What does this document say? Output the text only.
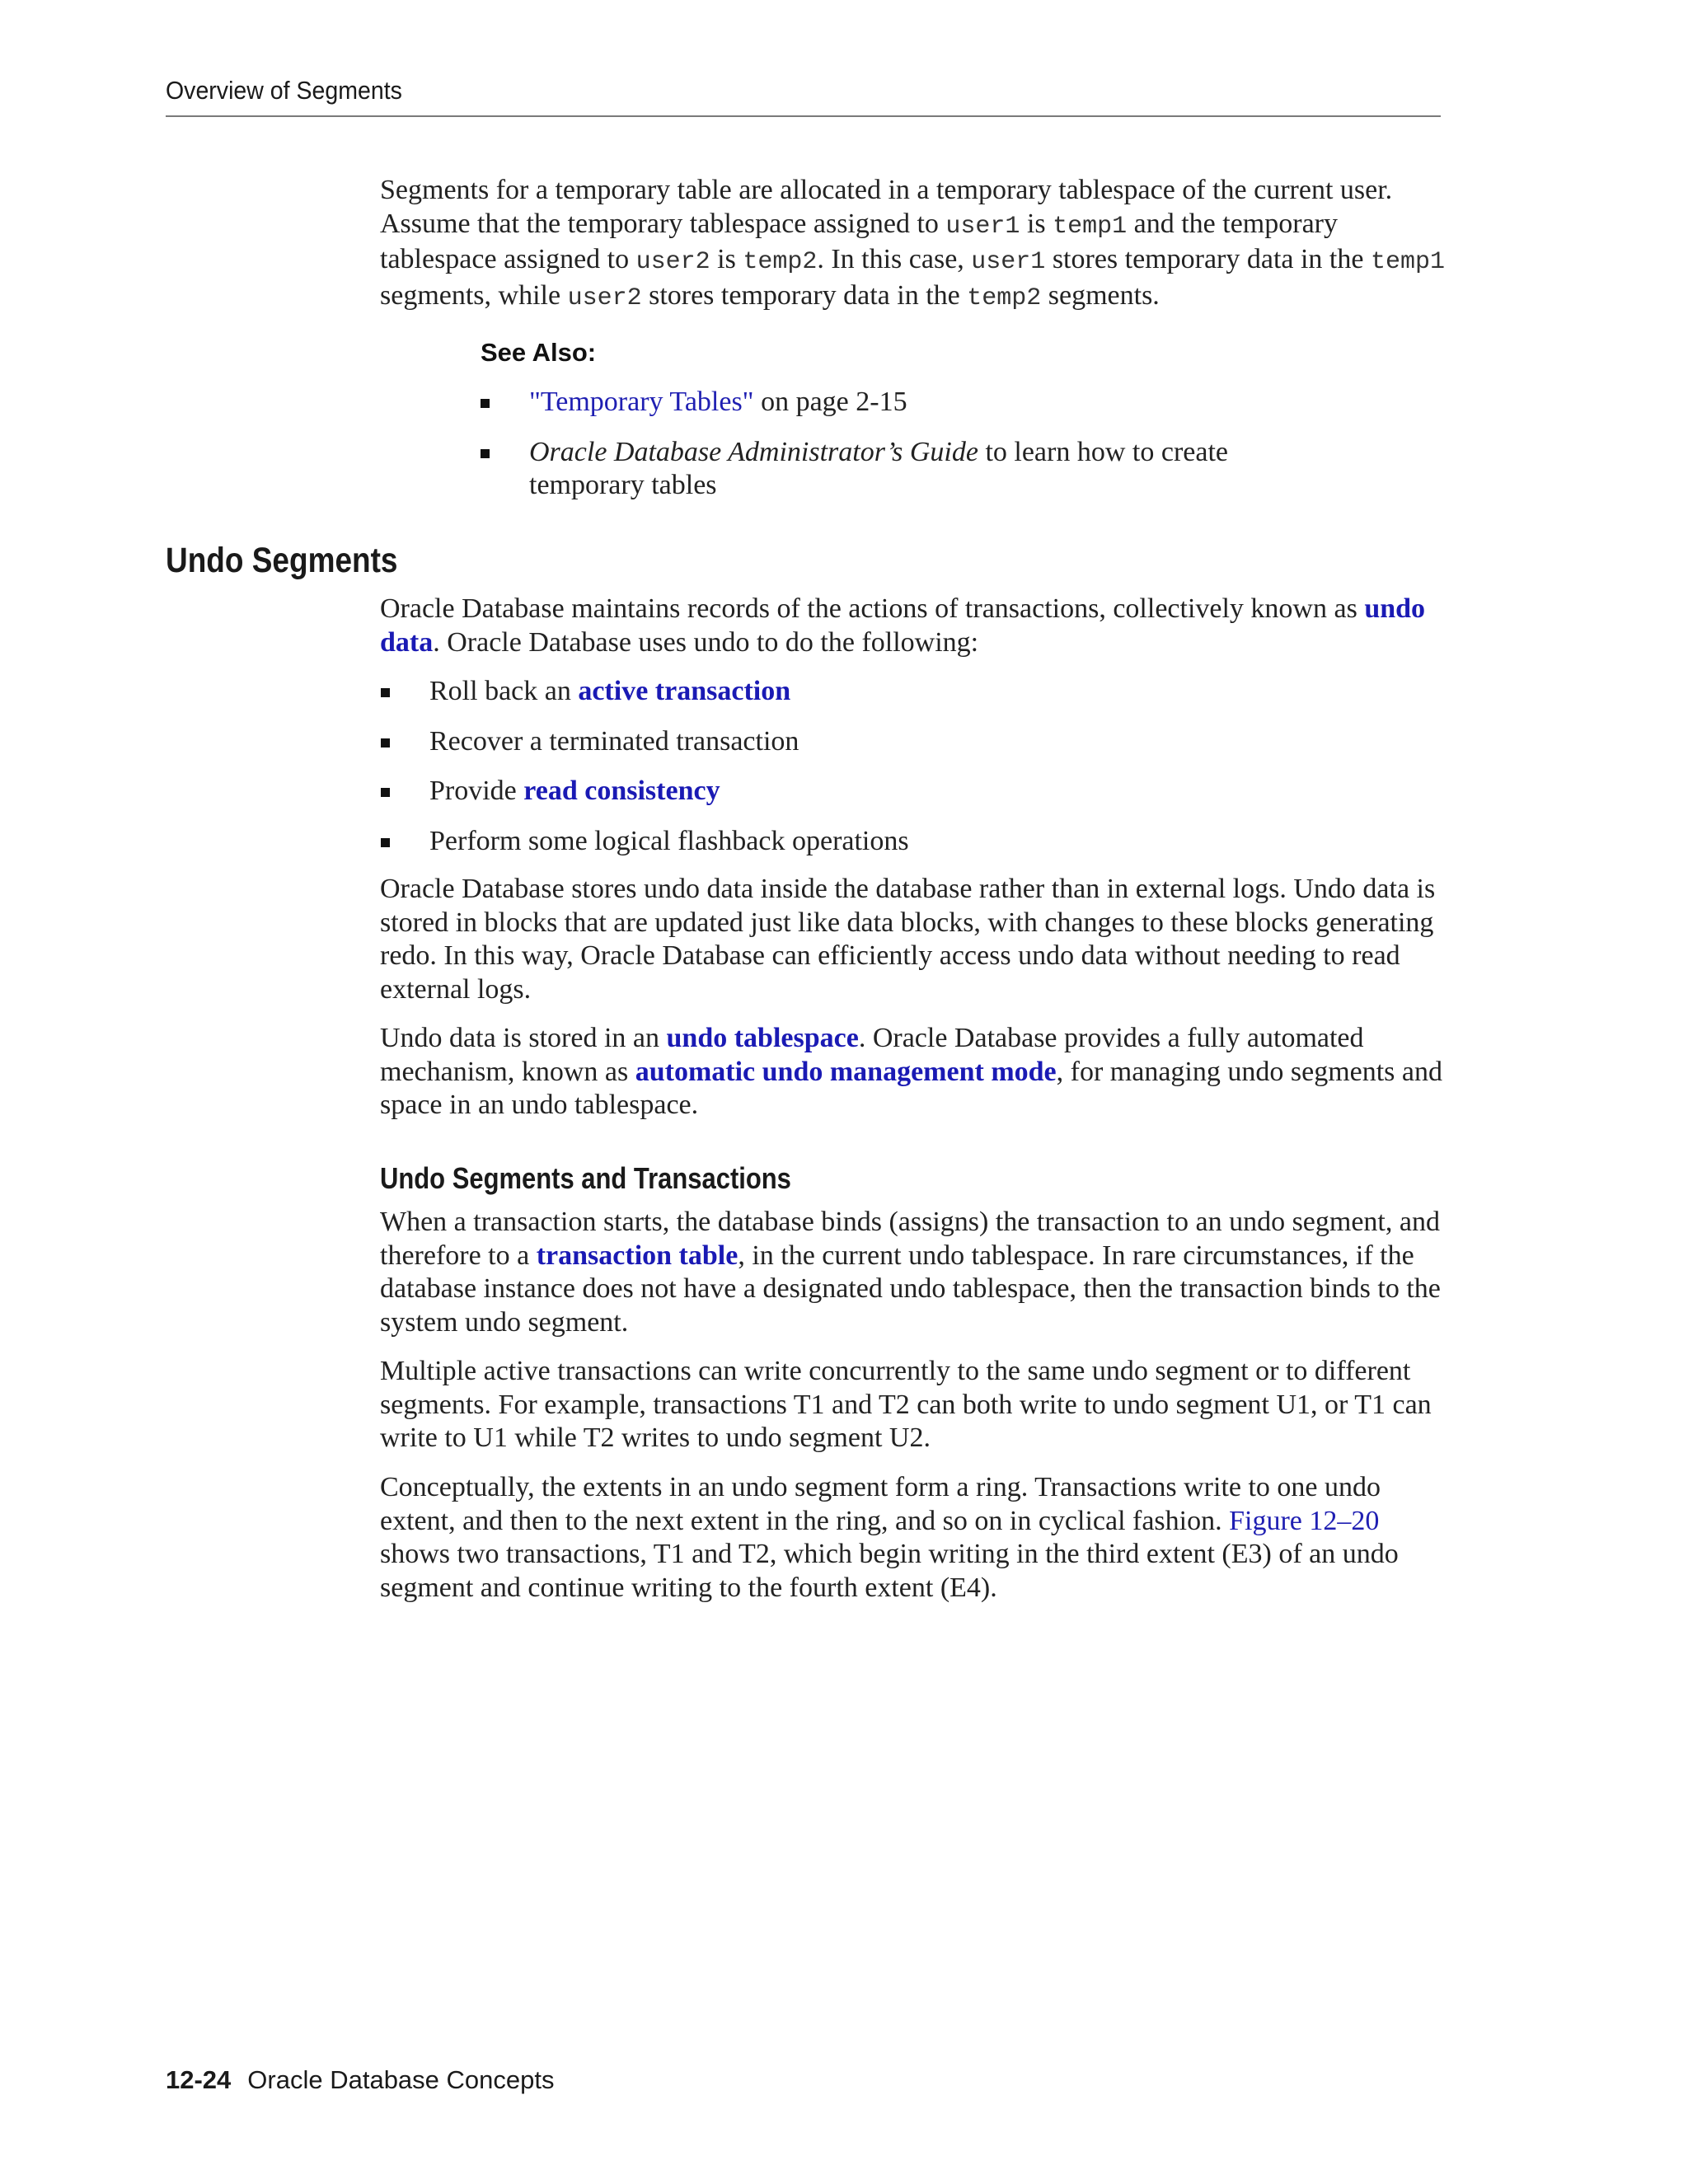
Overview of Segments

Segments for a temporary table are allocated in a temporary tablespace of the current user. Assume that the temporary tablespace assigned to user1 is temp1 and the temporary tablespace assigned to user2 is temp2. In this case, user1 stores temporary data in the temp1 segments, while user2 stores temporary data in the temp2 segments.

See Also:
"Temporary Tables" on page 2-15
Oracle Database Administrator’s Guide to learn how to create temporary tables
Undo Segments

Oracle Database maintains records of the actions of transactions, collectively known as undo data. Oracle Database uses undo to do the following:

Roll back an active transaction
Recover a terminated transaction
Provide read consistency
Perform some logical flashback operations

Oracle Database stores undo data inside the database rather than in external logs. Undo data is stored in blocks that are updated just like data blocks, with changes to these blocks generating redo. In this way, Oracle Database can efficiently access undo data without needing to read external logs.

Undo data is stored in an undo tablespace. Oracle Database provides a fully automated mechanism, known as automatic undo management mode, for managing undo segments and space in an undo tablespace.

Undo Segments and Transactions

When a transaction starts, the database binds (assigns) the transaction to an undo segment, and therefore to a transaction table, in the current undo tablespace. In rare circumstances, if the database instance does not have a designated undo tablespace, then the transaction binds to the system undo segment.

Multiple active transactions can write concurrently to the same undo segment or to different segments. For example, transactions T1 and T2 can both write to undo segment U1, or T1 can write to U1 while T2 writes to undo segment U2.

Conceptually, the extents in an undo segment form a ring. Transactions write to one undo extent, and then to the next extent in the ring, and so on in cyclical fashion. Figure 12–20 shows two transactions, T1 and T2, which begin writing in the third extent (E3) of an undo segment and continue writing to the fourth extent (E4).

12-24 Oracle Database Concepts
